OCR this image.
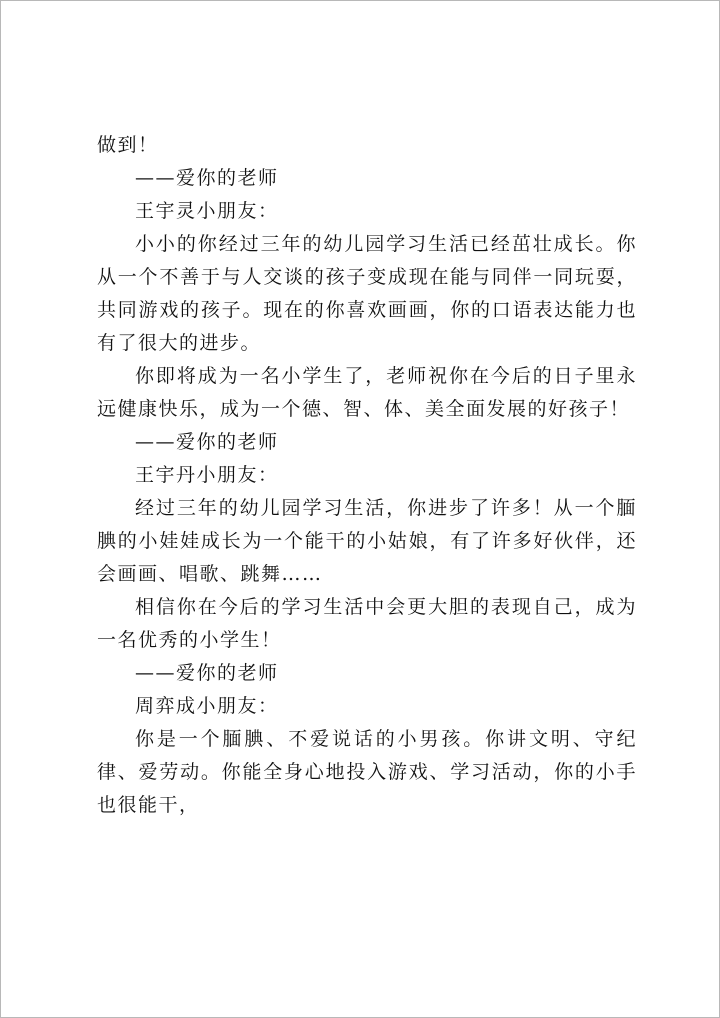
做到！

——爱你的老师

王宇灵小朋友：

小小的你经过三年的幼儿园学习生活已经茁壮成长。你从一个不善于与人交谈的孩子变成现在能与同伴一同玩耍，共同游戏的孩子。现在的你喜欢画画，你的口语表达能力也有了很大的进步。

你即将成为一名小学生了，老师祝你在今后的日子里永远健康快乐，成为一个德、智、体、美全面发展的好孩子！

——爱你的老师

王宇丹小朋友：

经过三年的幼儿园学习生活，你进步了许多！从一个腼腆的小娃娃成长为一个能干的小姑娘，有了许多好伙伴，还会画画、唱歌、跳舞……

相信你在今后的学习生活中会更大胆的表现自己，成为一名优秀的小学生！

——爱你的老师

周弈成小朋友：

你是一个腼腆、不爱说话的小男孩。你讲文明、守纪律、爱劳动。你能全身心地投入游戏、学习活动，你的小手也很能干，
